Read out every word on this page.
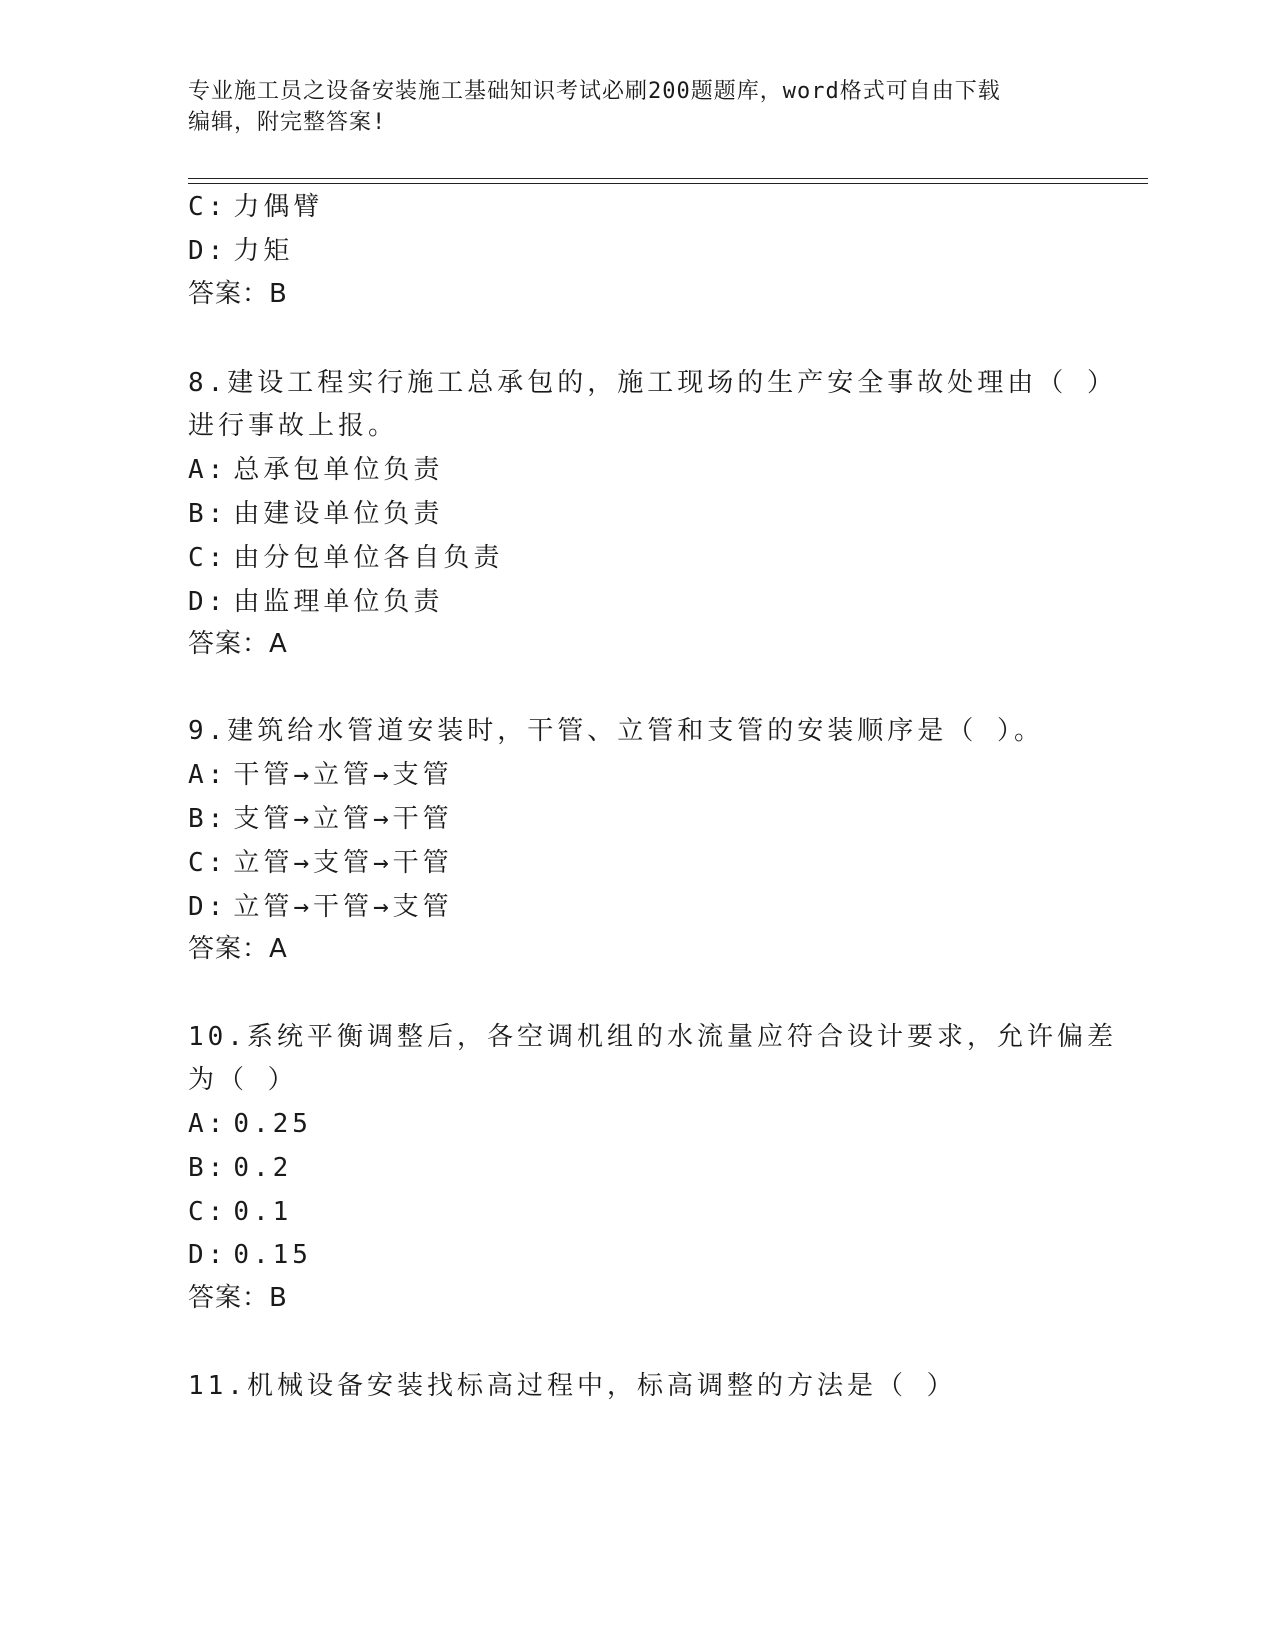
专业施工员之设备安装施工基础知识考试必刷200题题库，word格式可自由下载
编辑，附完整答案!
C: 力偶臂
D: 力矩
答案：B
8.建设工程实行施工总承包的，施工现场的生产安全事故处理由（ ）
进行事故上报。
A: 总承包单位负责
B: 由建设单位负责
C: 由分包单位各自负责
D: 由监理单位负责
答案：A
9.建筑给水管道安装时，干管、立管和支管的安装顺序是（ ）。
A: 干管→立管→支管
B: 支管→立管→干管
C: 立管→支管→干管
D: 立管→干管→支管
答案：A
10.系统平衡调整后，各空调机组的水流量应符合设计要求，允许偏差
为（ ）
A: 0.25
B: 0.2
C: 0.1
D: 0.15
答案：B
11.机械设备安装找标高过程中，标高调整的方法是（ ）
